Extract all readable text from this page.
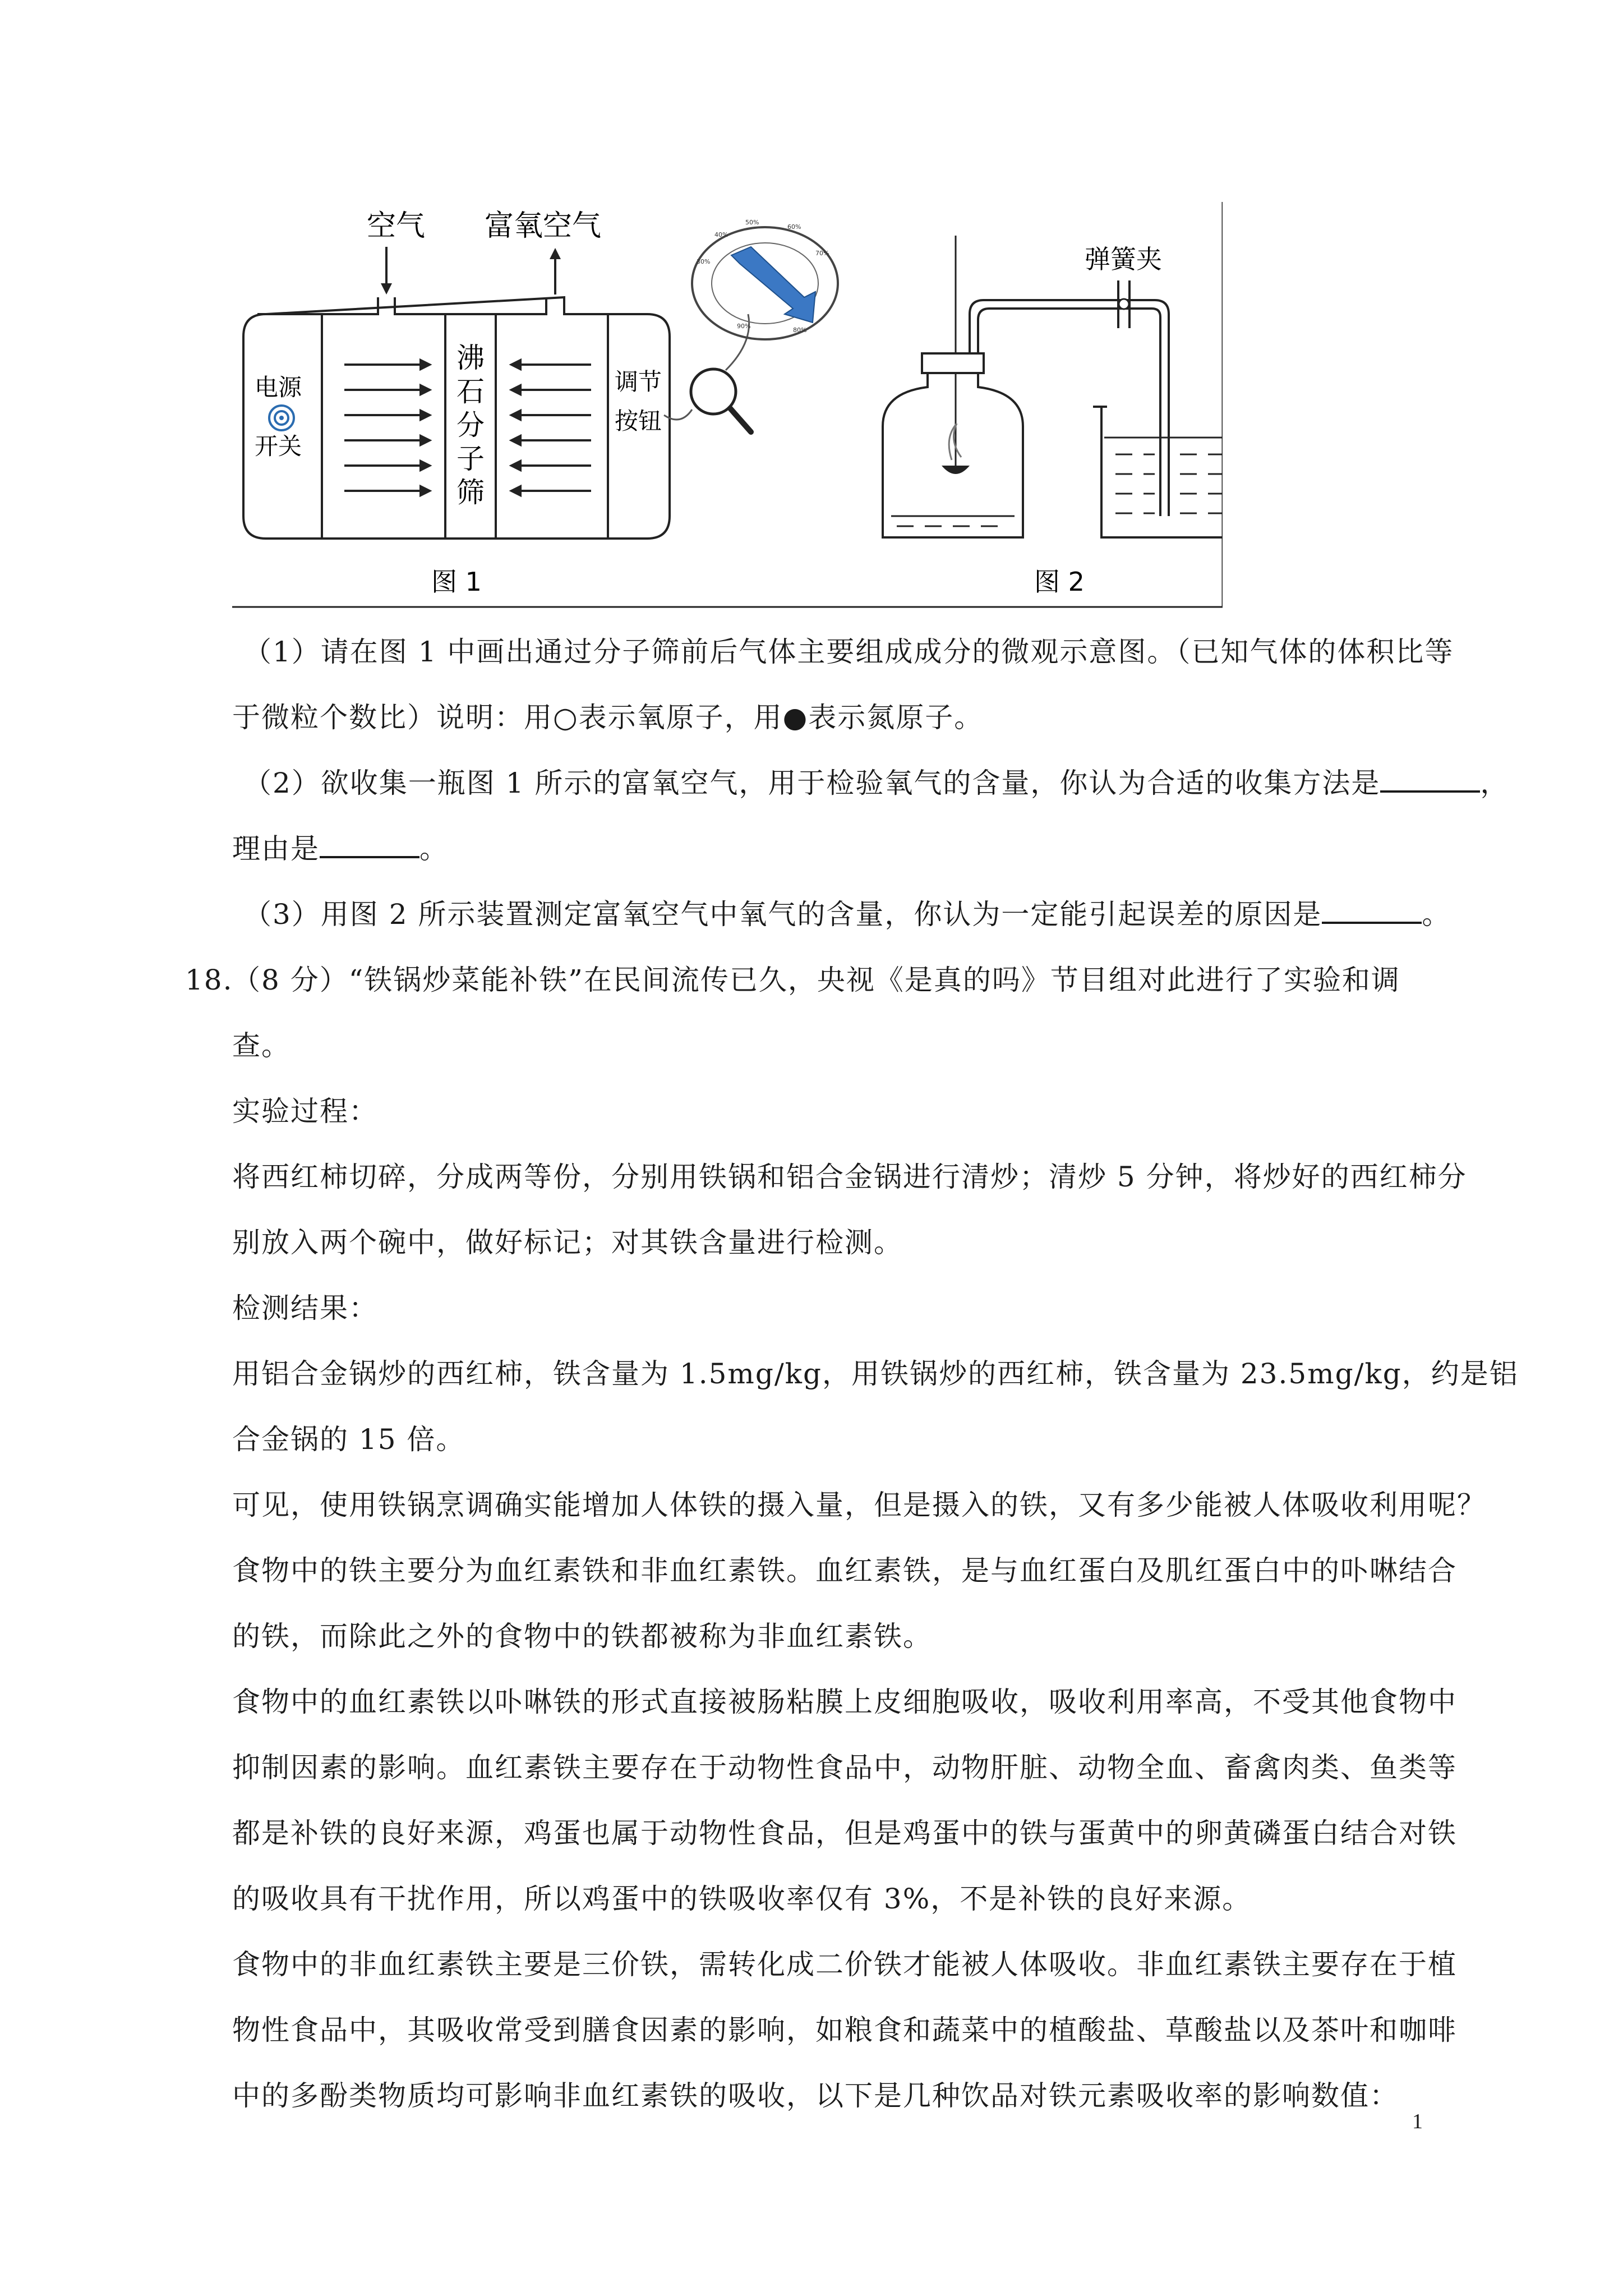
空气 富氧空气
电源
开关
沸
石
分
子
筛
调节
按钮
50%
40%
30%
60%
70%
80%
90%
图 1
弹簧夹
图 2
（1）请在图 1 中画出通过分子筛前后气体主要组成成分的微观示意图。（已知气体的体积比等
于微粒个数比）说明：用○表示氧原子，用●表示氮原子。
（2）欲收集一瓶图 1 所示的富氧空气，用于检验氧气的含量，你认为合适的收集方法是	，
理由是	。
（3）用图 2 所示装置测定富氧空气中氧气的含量，你认为一定能引起误差的原因是	。
18.
（8 分）“铁锅炒菜能补铁”在民间流传已久，央视《是真的吗》节目组对此进行了实验和调
查。
实验过程：
将西红柿切碎，分成两等份，分别用铁锅和铝合金锅进行清炒；清炒 5 分钟，将炒好的西红柿分
别放入两个碗中，做好标记；对其铁含量进行检测。
检测结果：
用铝合金锅炒的西红柿，铁含量为 1.5mg/kg，用铁锅炒的西红柿，铁含量为 23.5mg/kg，约是铝
合金锅的 15 倍。
可见，使用铁锅烹调确实能增加人体铁的摄入量，但是摄入的铁，又有多少能被人体吸收利用呢？
食物中的铁主要分为血红素铁和非血红素铁。血红素铁，是与血红蛋白及肌红蛋白中的卟啉结合
的铁，而除此之外的食物中的铁都被称为非血红素铁。
食物中的血红素铁以卟啉铁的形式直接被肠粘膜上皮细胞吸收，吸收利用率高，不受其他食物中
抑制因素的影响。血红素铁主要存在于动物性食品中，动物肝脏、动物全血、畜禽肉类、鱼类等
都是补铁的良好来源，鸡蛋也属于动物性食品，但是鸡蛋中的铁与蛋黄中的卵黄磷蛋白结合对铁
的吸收具有干扰作用，所以鸡蛋中的铁吸收率仅有 3%，不是补铁的良好来源。
食物中的非血红素铁主要是三价铁，需转化成二价铁才能被人体吸收。非血红素铁主要存在于植
物性食品中，其吸收常受到膳食因素的影响，如粮食和蔬菜中的植酸盐、草酸盐以及茶叶和咖啡
中的多酚类物质均可影响非血红素铁的吸收，以下是几种饮品对铁元素吸收率的影响数值：
1
